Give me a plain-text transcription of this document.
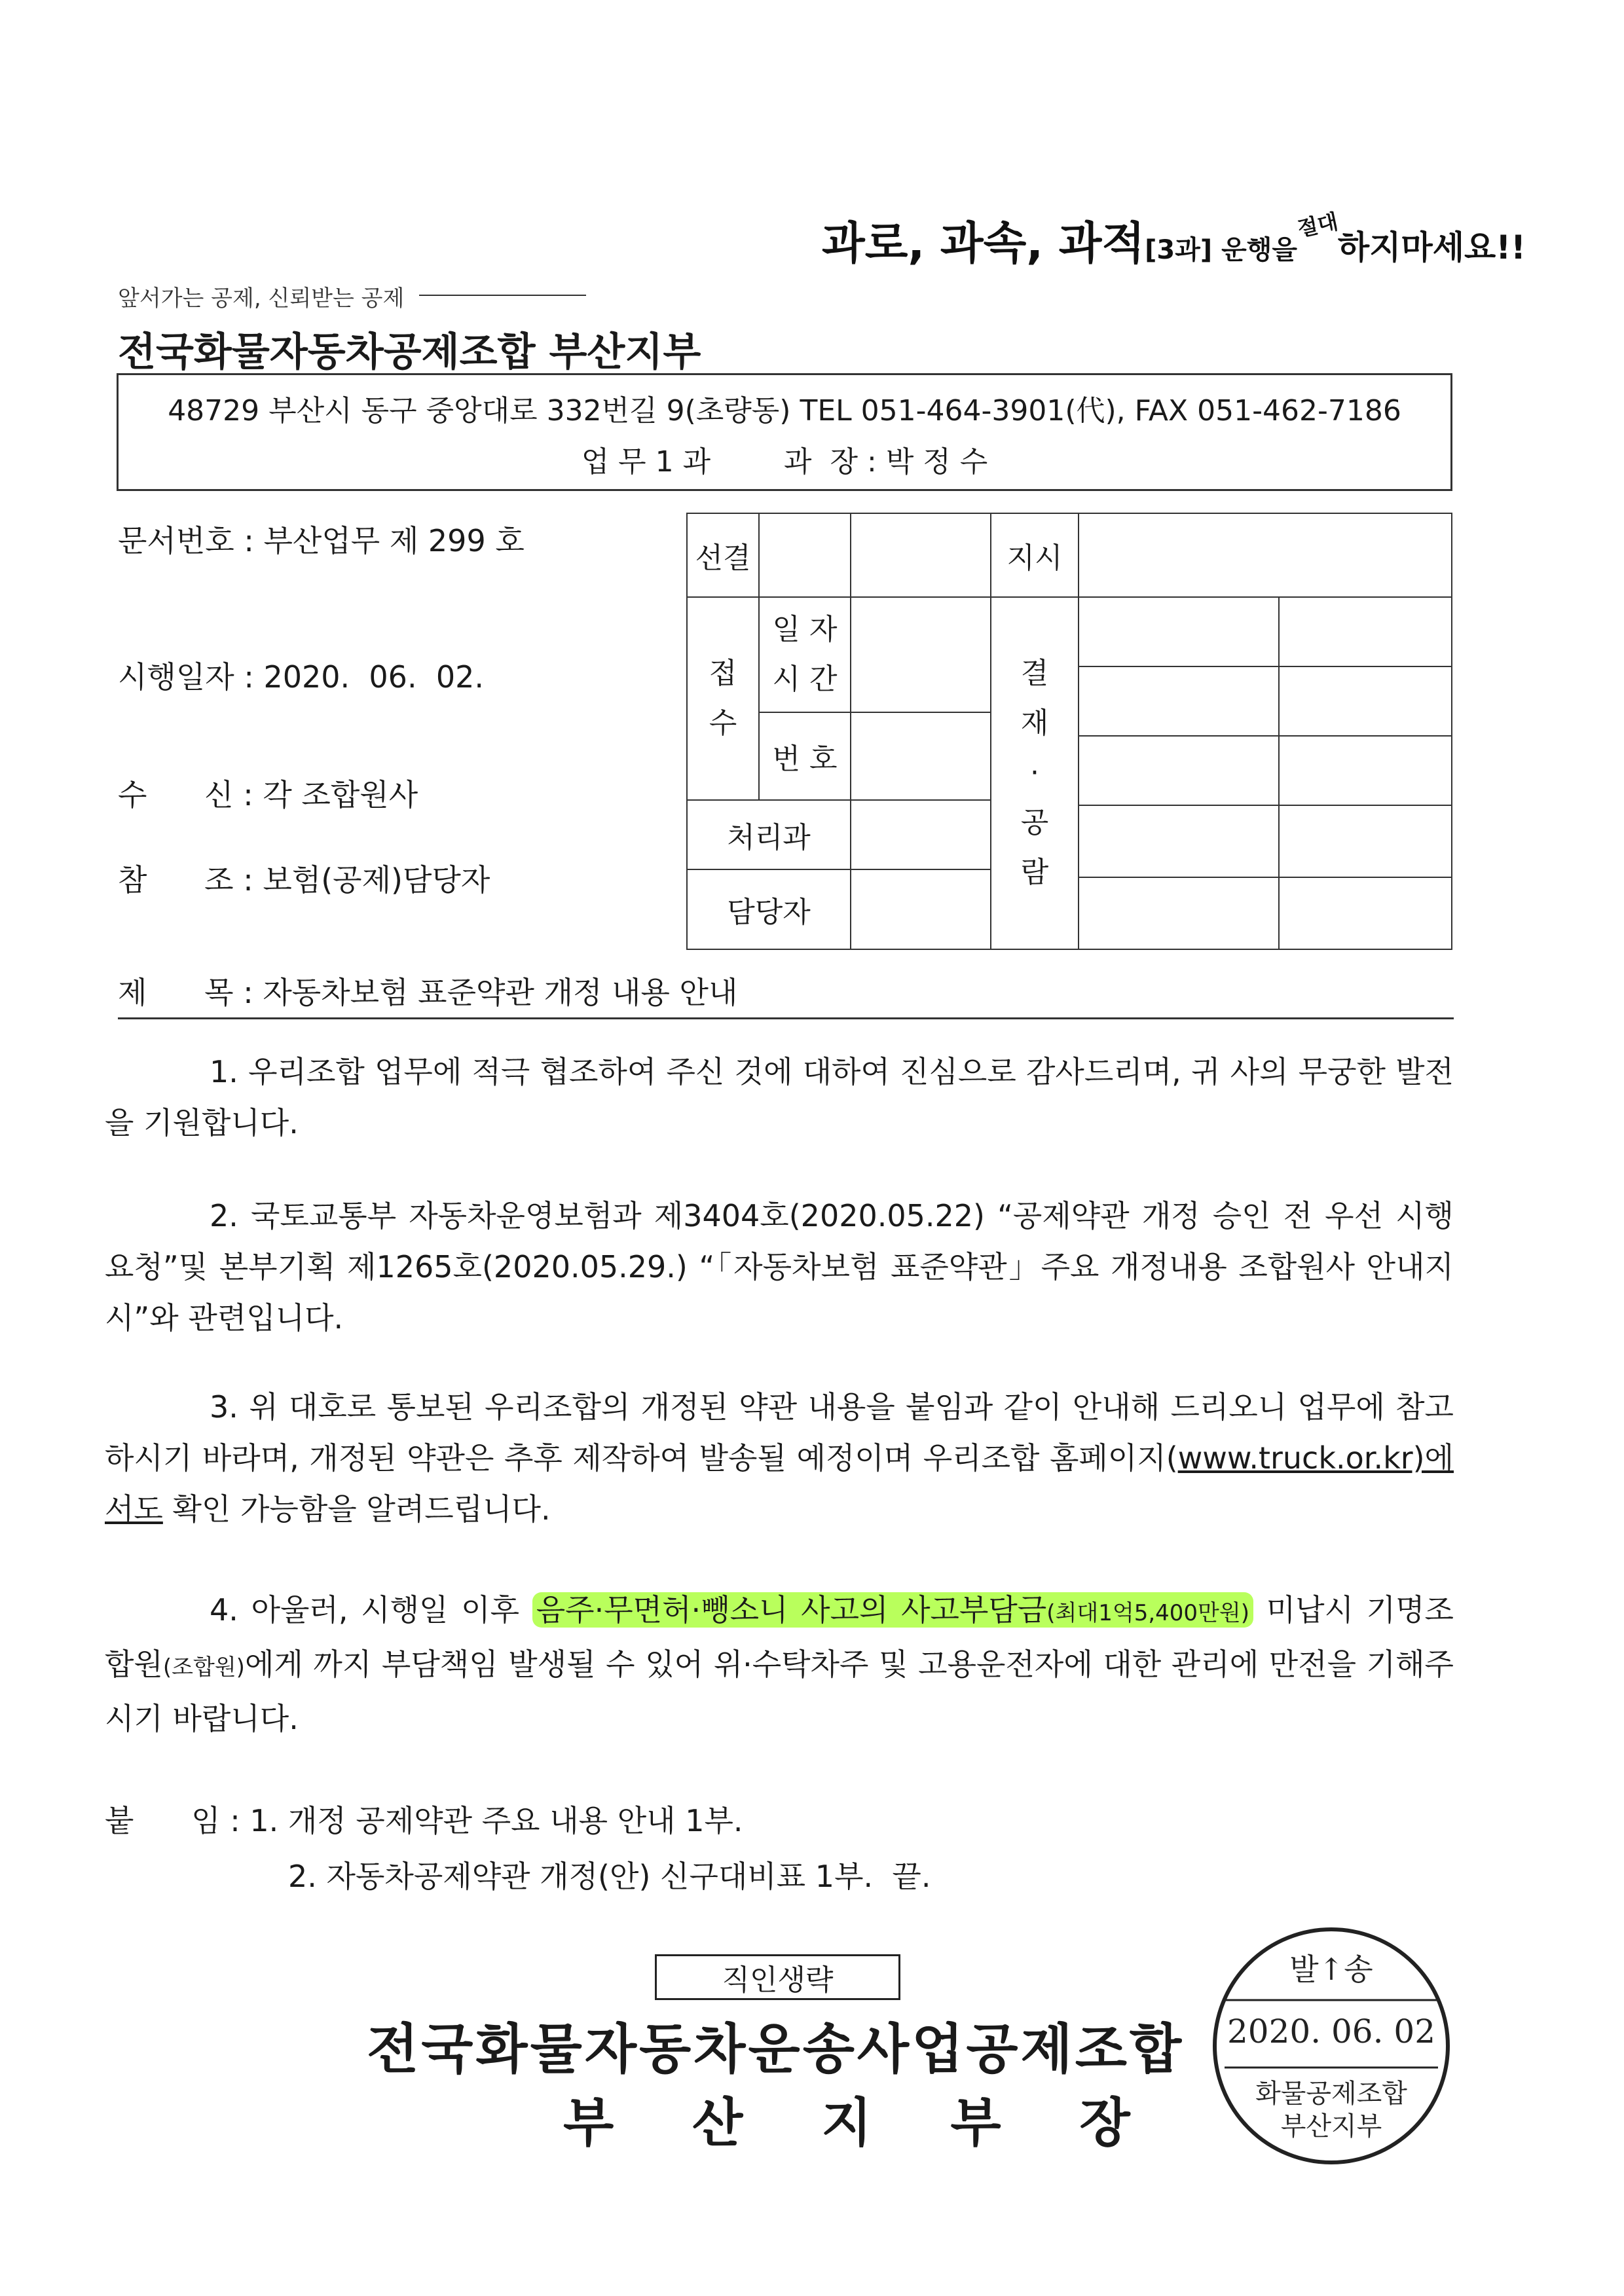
과로, 과속, 과적[3과] 운행을절대하지마세요!!
앞서가는 공제, 신뢰받는 공제
전국화물자동차공제조합 부산지부
48729 부산시 동구 중앙대로 332번길 9(초량동) TEL 051-464-3901(代), FAX 051-462-7186
업 무 1 과        과  장 : 박 정 수
문서번호 : 부산업무 제 299 호
시행일자 : 2020.  06.  02.
수      신 : 각 조합원사
참      조 : 보험(공제)담당자
선결	지시
접
수
일 자
시 간
번 호
처리과
담당자
결
재
·
공
람
제      목 : 자동차보험 표준약관 개정 내용 안내
1. 우리조합 업무에 적극 협조하여 주신 것에 대하여 진심으로 감사드리며, 귀 사의 무궁한 발전을 기원합니다.
2. 국토교통부 자동차운영보험과 제3404호(2020.05.22) “공제약관 개정 승인 전 우선 시행 요청”및 본부기획 제1265호(2020.05.29.) “「자동차보험 표준약관」주요 개정내용 조합원사 안내지시”와 관련입니다.
3. 위 대호로 통보된 우리조합의 개정된 약관 내용을 붙임과 같이 안내해 드리오니 업무에 참고하시기 바라며, 개정된 약관은 추후 제작하여 발송될 예정이며 우리조합 홈페이지(www.truck.or.kr)에서도 확인 가능함을 알려드립니다.
4. 아울러, 시행일 이후 음주·무면허·뺑소니 사고의 사고부담금(최대1억5,400만원) 미납시 기명조합원(조합원)에게 까지 부담책임 발생될 수 있어 위·수탁차주 및 고용운전자에 대한 관리에 만전을 기해주시기 바랍니다.
붙      임 : 1. 개정 공제약관 주요 내용 안내 1부.
2. 자동차공제약관 개정(안) 신구대비표 1부.  끝.
직인생략
전국화물자동차운송사업공제조합
부 산 지 부 장
발↑송
2020. 06. 02
화물공제조합
부산지부
